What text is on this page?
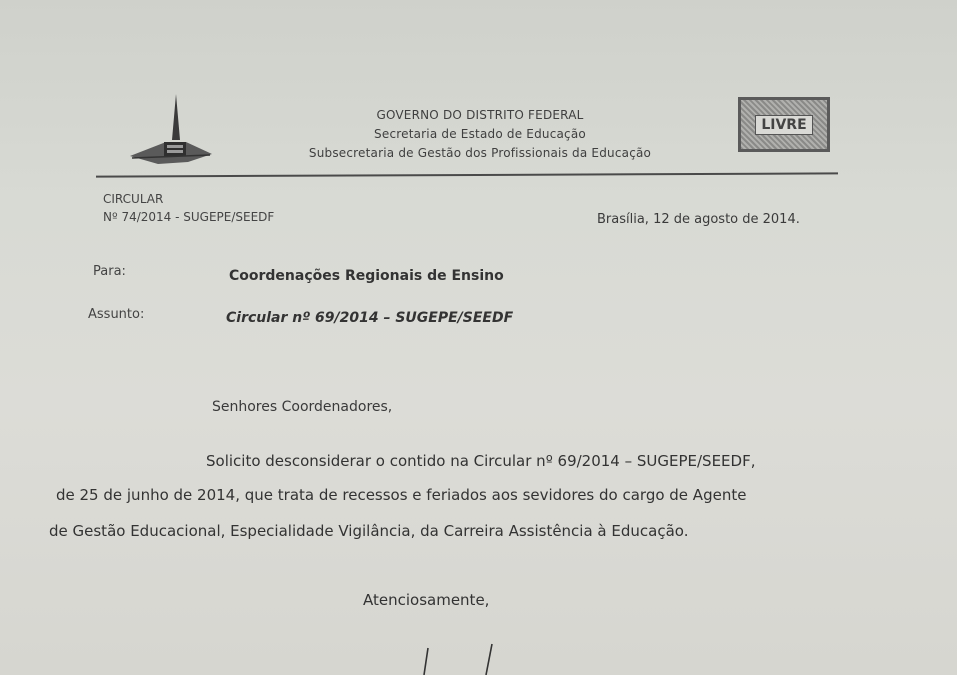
GOVERNO DO DISTRITO FEDERAL
Secretaria de Estado de Educação
Subsecretaria de Gestão dos Profissionais da Educação
LIVRE
CIRCULAR
Nº 74/2014 - SUGEPE/SEEDF	Brasília, 12 de agosto de 2014.
Para:	Coordenações Regionais de Ensino
Assunto:	Circular nº 69/2014 – SUGEPE/SEEDF
Senhores Coordenadores,
Solicito desconsiderar o contido na Circular nº 69/2014 – SUGEPE/SEEDF,
de 25 de junho de 2014, que trata de recessos e feriados aos sevidores do cargo de Agente
de Gestão Educacional, Especialidade Vigilância, da Carreira Assistência à Educação.
Atenciosamente,
